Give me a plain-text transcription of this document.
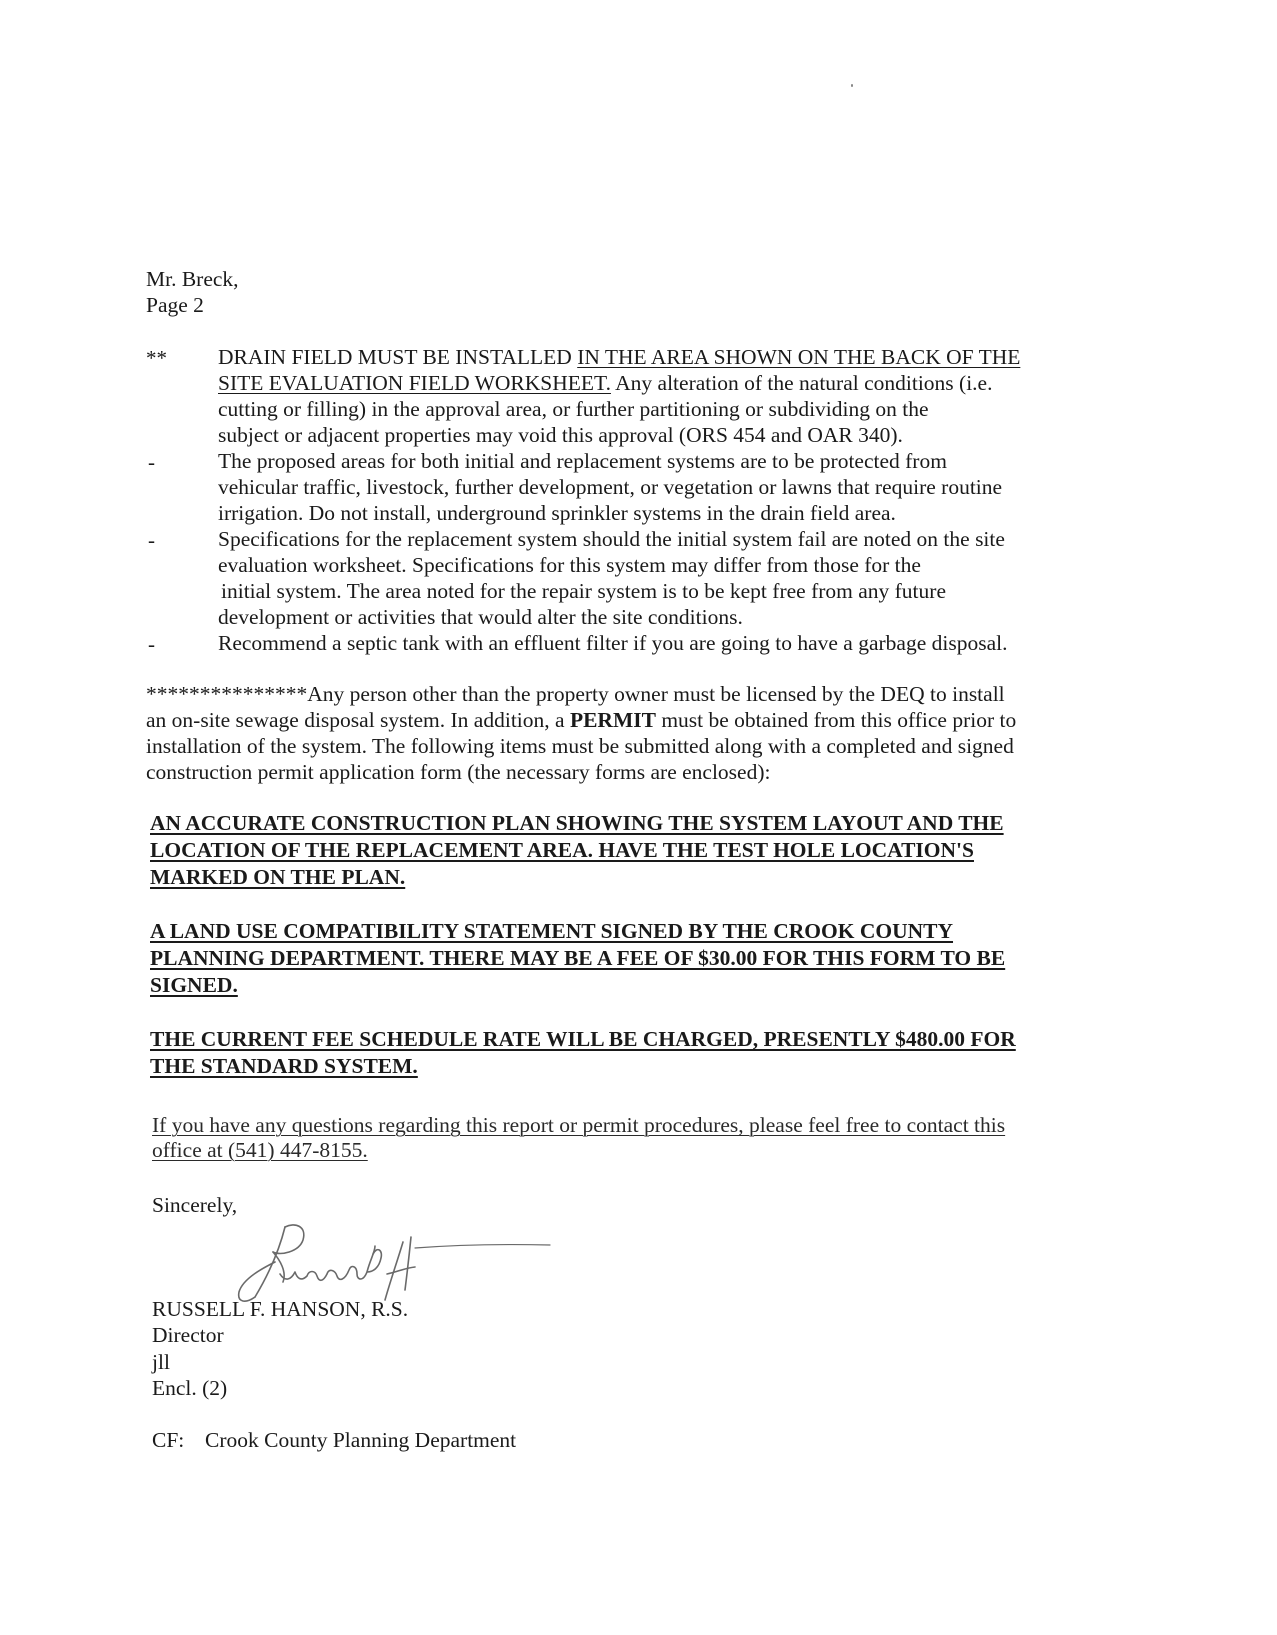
Mr. Breck,
Page 2
** DRAIN FIELD MUST BE INSTALLED IN THE AREA SHOWN ON THE BACK OF THE
SITE EVALUATION FIELD WORKSHEET. Any alteration of the natural conditions (i.e.
cutting or filling) in the approval area, or further partitioning or subdividing on the
subject or adjacent properties may void this approval (ORS 454 and OAR 340).
-	The proposed areas for both initial and replacement systems are to be protected from
vehicular traffic, livestock, further development, or vegetation or lawns that require routine
irrigation. Do not install, underground sprinkler systems in the drain field area.
-	Specifications for the replacement system should the initial system fail are noted on the site
evaluation worksheet. Specifications for this system may differ from those for the
initial system. The area noted for the repair system is to be kept free from any future
development or activities that would alter the site conditions.
-	Recommend a septic tank with an effluent filter if you are going to have a garbage disposal.
***************Any person other than the property owner must be licensed by the DEQ to install
an on-site sewage disposal system. In addition, a PERMIT must be obtained from this office prior to
installation of the system. The following items must be submitted along with a completed and signed
construction permit application form (the necessary forms are enclosed):
AN ACCURATE CONSTRUCTION PLAN SHOWING THE SYSTEM LAYOUT AND THE
LOCATION OF THE REPLACEMENT AREA. HAVE THE TEST HOLE LOCATION'S
MARKED ON THE PLAN.
A LAND USE COMPATIBILITY STATEMENT SIGNED BY THE CROOK COUNTY
PLANNING DEPARTMENT. THERE MAY BE A FEE OF $30.00 FOR THIS FORM TO BE
SIGNED.
THE CURRENT FEE SCHEDULE RATE WILL BE CHARGED, PRESENTLY $480.00 FOR
THE STANDARD SYSTEM.
If you have any questions regarding this report or permit procedures, please feel free to contact this
office at (541) 447-8155.
Sincerely,
RUSSELL F. HANSON, R.S.
Director
jll
Encl. (2)
CF: Crook County Planning Department
